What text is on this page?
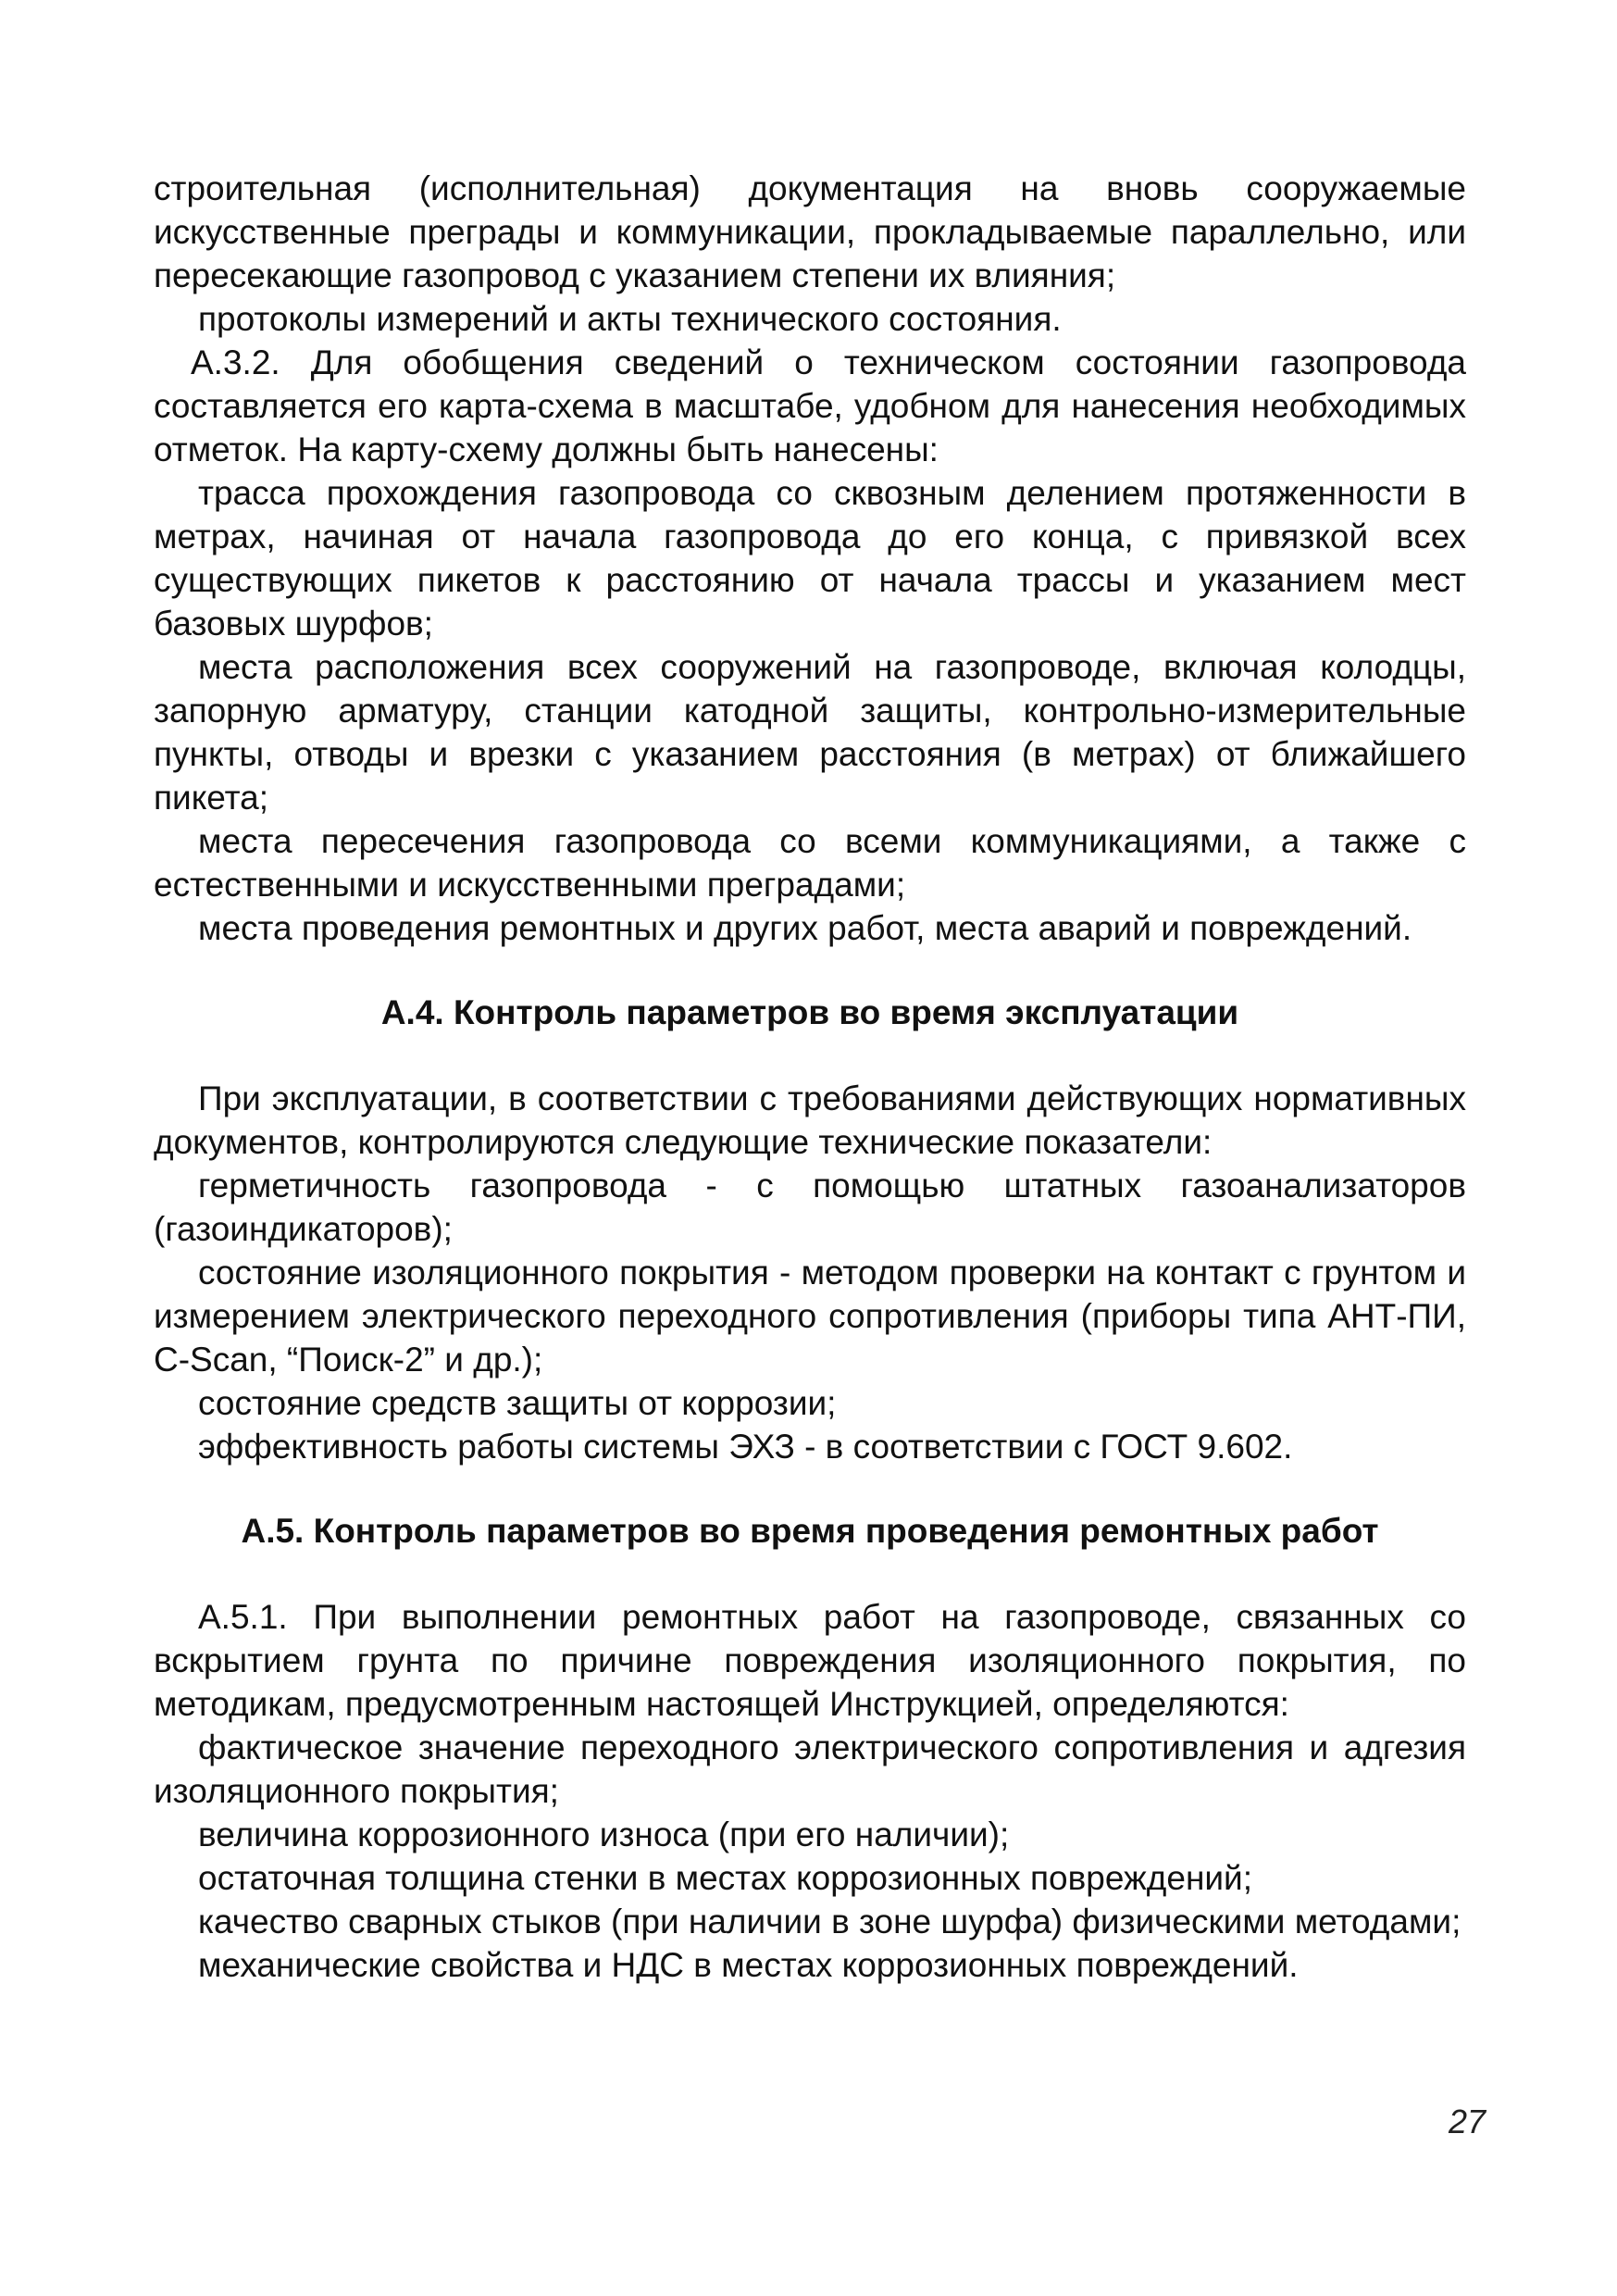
строительная (исполнительная) документация на вновь сооружаемые искусственные преграды и коммуникации, прокладываемые параллельно, или пересекающие газопровод с указанием степени их влияния;

протоколы измерений и акты технического состояния.

А.3.2. Для обобщения сведений о техническом состоянии газопровода составляется его карта-схема в масштабе, удобном для нанесения необходимых отметок. На карту-схему должны быть нанесены:

трасса прохождения газопровода со сквозным делением протяженности в метрах, начиная от начала газопровода до его конца, с привязкой всех существующих пикетов к расстоянию от начала трассы и указанием мест базовых шурфов;

места расположения всех сооружений на газопроводе, включая колодцы, запорную арматуру, станции катодной защиты, контрольно-измерительные пункты, отводы и врезки с указанием расстояния (в метрах) от ближайшего пикета;

места пересечения газопровода со всеми коммуникациями, а также с естественными и искусственными преградами;

места проведения ремонтных и других работ, места аварий и повреждений.

А.4. Контроль параметров во время эксплуатации

При эксплуатации, в соответствии с требованиями действующих нормативных документов, контролируются следующие технические показатели:

герметичность газопровода - с помощью штатных газоанализаторов (газоиндикаторов);

состояние изоляционного покрытия - методом проверки на контакт с грунтом и измерением электрического переходного сопротивления (приборы типа АНТ-ПИ, C-Scan, “Поиск-2” и др.);

состояние средств защиты от коррозии;

эффективность работы системы ЭХЗ - в соответствии с ГОСТ 9.602.

А.5. Контроль параметров во время проведения ремонтных работ

А.5.1. При выполнении ремонтных работ на газопроводе, связанных со вскрытием грунта по причине повреждения изоляционного покрытия, по методикам, предусмотренным настоящей Инструкцией, определяются:

фактическое значение переходного электрического сопротивления и адгезия изоляционного покрытия;

величина коррозионного износа (при его наличии);

остаточная толщина стенки в местах коррозионных повреждений;

качество сварных стыков (при наличии в зоне шурфа) физическими методами;

механические свойства и НДС в местах коррозионных повреждений.

27
